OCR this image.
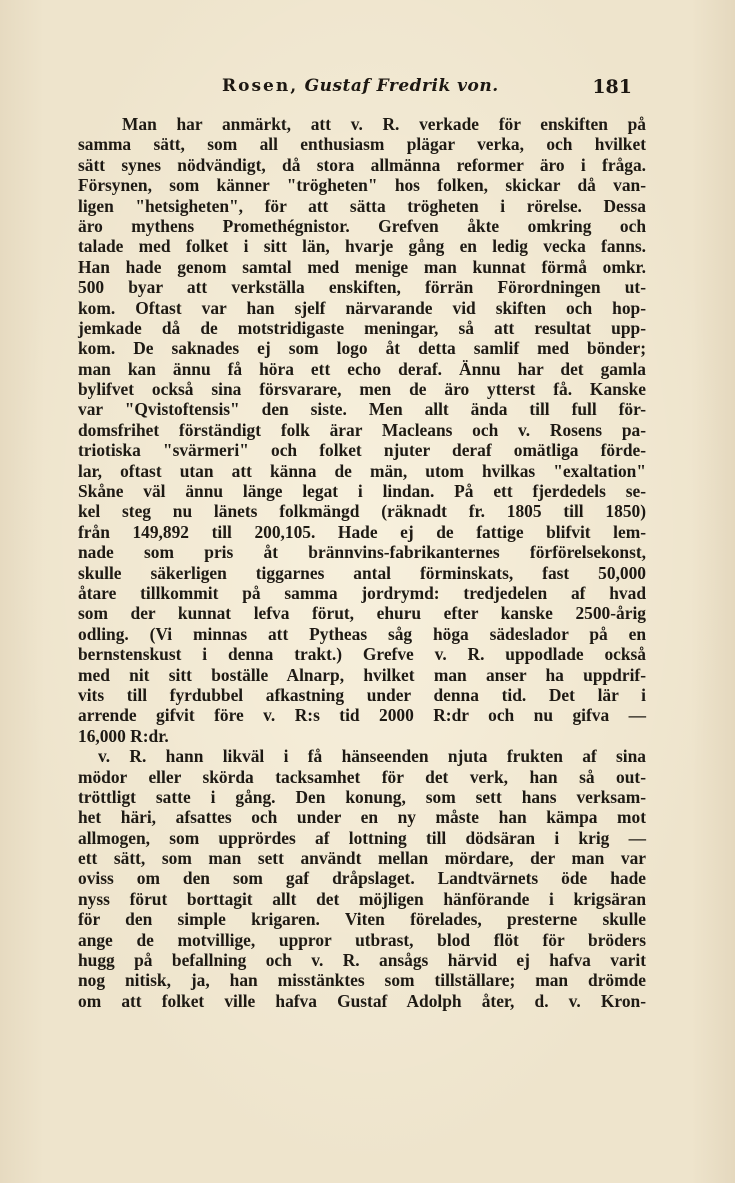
Rosen, Gustaf Fredrik von.	181
Man har anmärkt, att v. R. verkade för enskiften på
samma sätt, som all enthusiasm plägar verka, och hvilket
sätt synes nödvändigt, då stora allmänna reformer äro i fråga.
Försynen, som känner "trögheten" hos folken, skickar då van-
ligen "hetsigheten", för att sätta trögheten i rörelse. Dessa
äro mythens Promethégnistor. Grefven åkte omkring och
talade med folket i sitt län, hvarje gång en ledig vecka fanns.
Han hade genom samtal med menige man kunnat förmå omkr.
500 byar att verkställa enskiften, förrän Förordningen ut-
kom. Oftast var han sjelf närvarande vid skiften och hop-
jemkade då de motstridigaste meningar, så att resultat upp-
kom. De saknades ej som logo åt detta samlif med bönder;
man kan ännu få höra ett echo deraf. Ännu har det gamla
bylifvet också sina försvarare, men de äro ytterst få. Kanske
var "Qvistoftensis" den siste. Men allt ända till full för-
domsfrihet förständigt folk ärar Macleans och v. Rosens pa-
triotiska "svärmeri" och folket njuter deraf omätliga förde-
lar, oftast utan att känna de män, utom hvilkas "exaltation"
Skåne väl ännu länge legat i lindan. På ett fjerdedels se-
kel steg nu länets folkmängd (räknadt fr. 1805 till 1850)
från 149,892 till 200,105. Hade ej de fattige blifvit lem-
nade som pris åt brännvins-fabrikanternes förförelsekonst,
skulle säkerligen tiggarnes antal förminskats, fast 50,000
åtare tillkommit på samma jordrymd: tredjedelen af hvad
som der kunnat lefva förut, ehuru efter kanske 2500-årig
odling. (Vi minnas att Pytheas såg höga sädeslador på en
bernstenskust i denna trakt.) Grefve v. R. uppodlade också
med nit sitt boställe Alnarp, hvilket man anser ha uppdrif-
vits till fyrdubbel afkastning under denna tid. Det lär i
arrende gifvit före v. R:s tid 2000 R:dr och nu gifva —
16,000 R:dr.
v. R. hann likväl i få hänseenden njuta frukten af sina
mödor eller skörda tacksamhet för det verk, han så out-
tröttligt satte i gång. Den konung, som sett hans verksam-
het häri, afsattes och under en ny måste han kämpa mot
allmogen, som upprördes af lottning till dödsäran i krig —
ett sätt, som man sett användt mellan mördare, der man var
oviss om den som gaf dråpslaget. Landtvärnets öde hade
nyss förut borttagit allt det möjligen hänförande i krigsäran
för den simple krigaren. Viten förelades, presterne skulle
ange de motvillige, uppror utbrast, blod flöt för bröders
hugg på befallning och v. R. ansågs härvid ej hafva varit
nog nitisk, ja, han misstänktes som tillställare; man drömde
om att folket ville hafva Gustaf Adolph åter, d. v. Kron-
